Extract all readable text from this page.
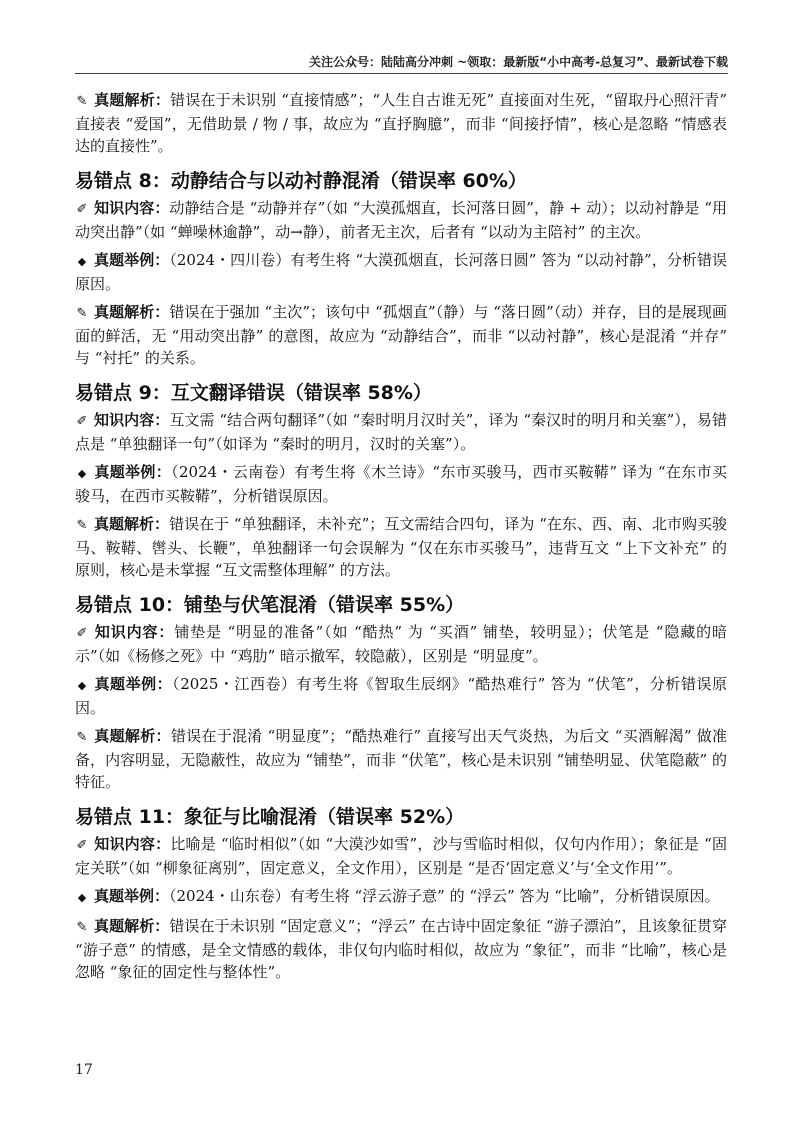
关注公众号：陆陆高分冲刺 ~领取：最新版“小中高考-总复习”、最新试卷下载

✎真题解析：错误在于未识别 “直接情感”；“人生自古谁无死” 直接面对生死，“留取丹心照汗青” 直接表 “爱国”，无借助景 / 物 / 事，故应为 “直抒胸臆”，而非 “间接抒情”，核心是忽略 “情感表达的直接性”。

易错点 8：动静结合与以动衬静混淆（错误率 60%）

✐知识内容：动静结合是 “动静并存”（如 “大漠孤烟直，长河落日圆”，静 + 动）；以动衬静是 “用动突出静”（如 “蝉噪林逾静”，动→静），前者无主次，后者有 “以动为主陪衬” 的主次。

◆真题举例：（2024・四川卷）有考生将 “大漠孤烟直，长河落日圆” 答为 “以动衬静”，分析错误原因。

✎真题解析：错误在于强加 “主次”；该句中 “孤烟直”（静）与 “落日圆”（动）并存，目的是展现画面的鲜活，无 “用动突出静” 的意图，故应为 “动静结合”，而非 “以动衬静”，核心是混淆 “并存” 与 “衬托” 的关系。

易错点 9：互文翻译错误（错误率 58%）

✐知识内容：互文需 “结合两句翻译”（如 “秦时明月汉时关”，译为 “秦汉时的明月和关塞”），易错点是 “单独翻译一句”（如译为 “秦时的明月，汉时的关塞”）。

◆真题举例：（2024・云南卷）有考生将《木兰诗》“东市买骏马，西市买鞍鞯” 译为 “在东市买骏马，在西市买鞍鞯”，分析错误原因。

✎真题解析：错误在于 “单独翻译，未补充”；互文需结合四句，译为 “在东、西、南、北市购买骏马、鞍鞯、辔头、长鞭”，单独翻译一句会误解为 “仅在东市买骏马”，违背互文 “上下文补充” 的原则，核心是未掌握 “互文需整体理解” 的方法。

易错点 10：铺垫与伏笔混淆（错误率 55%）

✐知识内容：铺垫是 “明显的准备”（如 “酷热” 为 “买酒” 铺垫，较明显）；伏笔是 “隐藏的暗示”（如《杨修之死》中 “鸡肋” 暗示撤军，较隐蔽），区别是 “明显度”。

◆真题举例：（2025・江西卷）有考生将《智取生辰纲》“酷热难行” 答为 “伏笔”，分析错误原因。

✎真题解析：错误在于混淆 “明显度”；“酷热难行” 直接写出天气炎热，为后文 “买酒解渴” 做准备，内容明显，无隐蔽性，故应为 “铺垫”，而非 “伏笔”，核心是未识别 “铺垫明显、伏笔隐蔽” 的特征。

易错点 11：象征与比喻混淆（错误率 52%）

✐知识内容：比喻是 “临时相似”（如 “大漠沙如雪”，沙与雪临时相似，仅句内作用）；象征是 “固定关联”（如 “柳象征离别”，固定意义，全文作用），区别是 “是否‘固定意义’与‘全文作用’”。

◆真题举例：（2024・山东卷）有考生将 “浮云游子意” 的 “浮云” 答为 “比喻”，分析错误原因。

✎真题解析：错误在于未识别 “固定意义”；“浮云” 在古诗中固定象征 “游子漂泊”，且该象征贯穿 “游子意” 的情感，是全文情感的载体，非仅句内临时相似，故应为 “象征”，而非 “比喻”，核心是忽略 “象征的固定性与整体性”。

17
